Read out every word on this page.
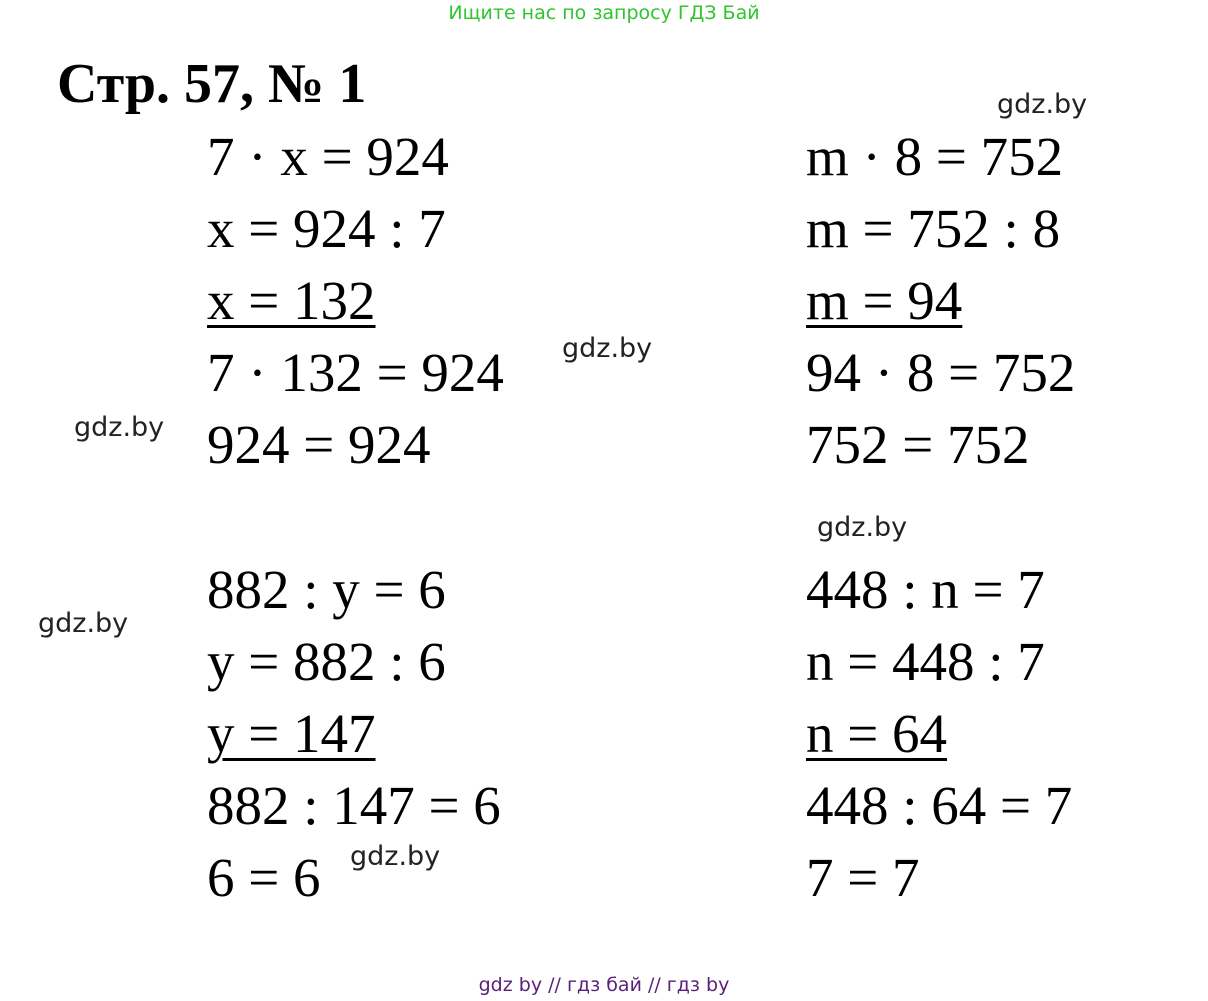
Ищите нас по запросу ГДЗ Бай
Стр. 57, № 1
7 · x = 924
x = 924 : 7
x = 132
7 · 132 = 924
924 = 924
m · 8 = 752
m = 752 : 8
m = 94
94 · 8 = 752
752 = 752
882 : y = 6
y = 882 : 6
y = 147
882 : 147 = 6
6 = 6
448 : n = 7
n = 448 : 7
n = 64
448 : 64 = 7
7 = 7
gdz.by
gdz.by
gdz.by
gdz.by
gdz.by
gdz.by
gdz by // гдз бай // гдз by
